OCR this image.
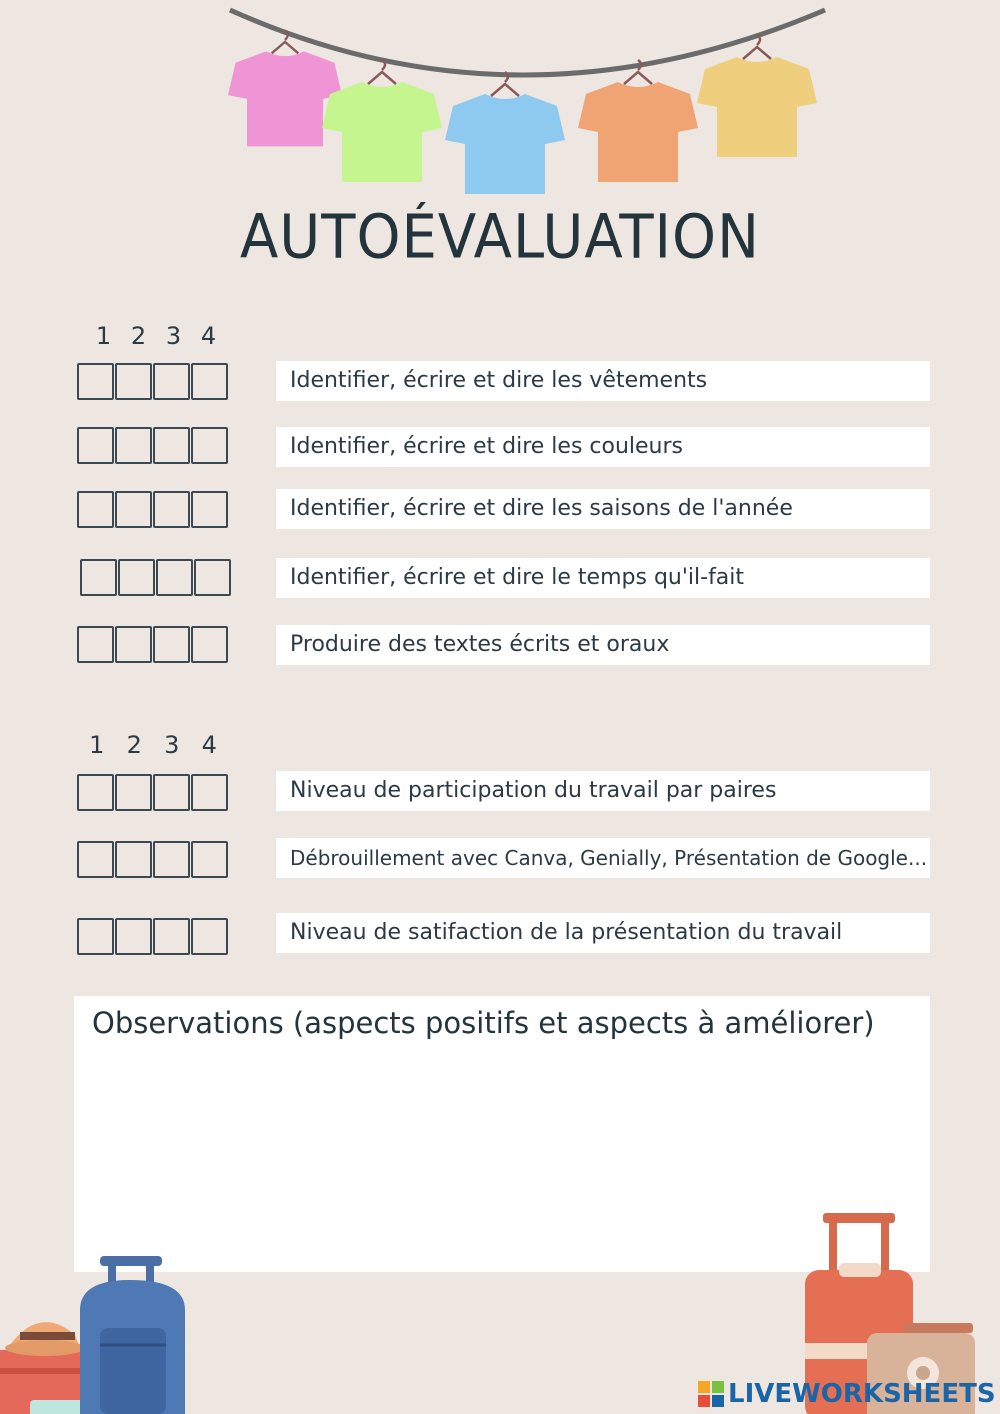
AUTOÉVALUATION
1 2 3 4
Identifier, écrire et dire les vêtements
Identifier, écrire et dire les couleurs
Identifier, écrire et dire les saisons de l'année
Identifier, écrire et dire le temps qu'il-fait
Produire des textes écrits et oraux
1 2 3 4
Niveau de participation du travail par paires
Débrouillement avec Canva, Genially, Présentation de Google...
Niveau de satifaction de la présentation du travail
Observations (aspects positifs et aspects à améliorer)
LIVEWORKSHEETS
